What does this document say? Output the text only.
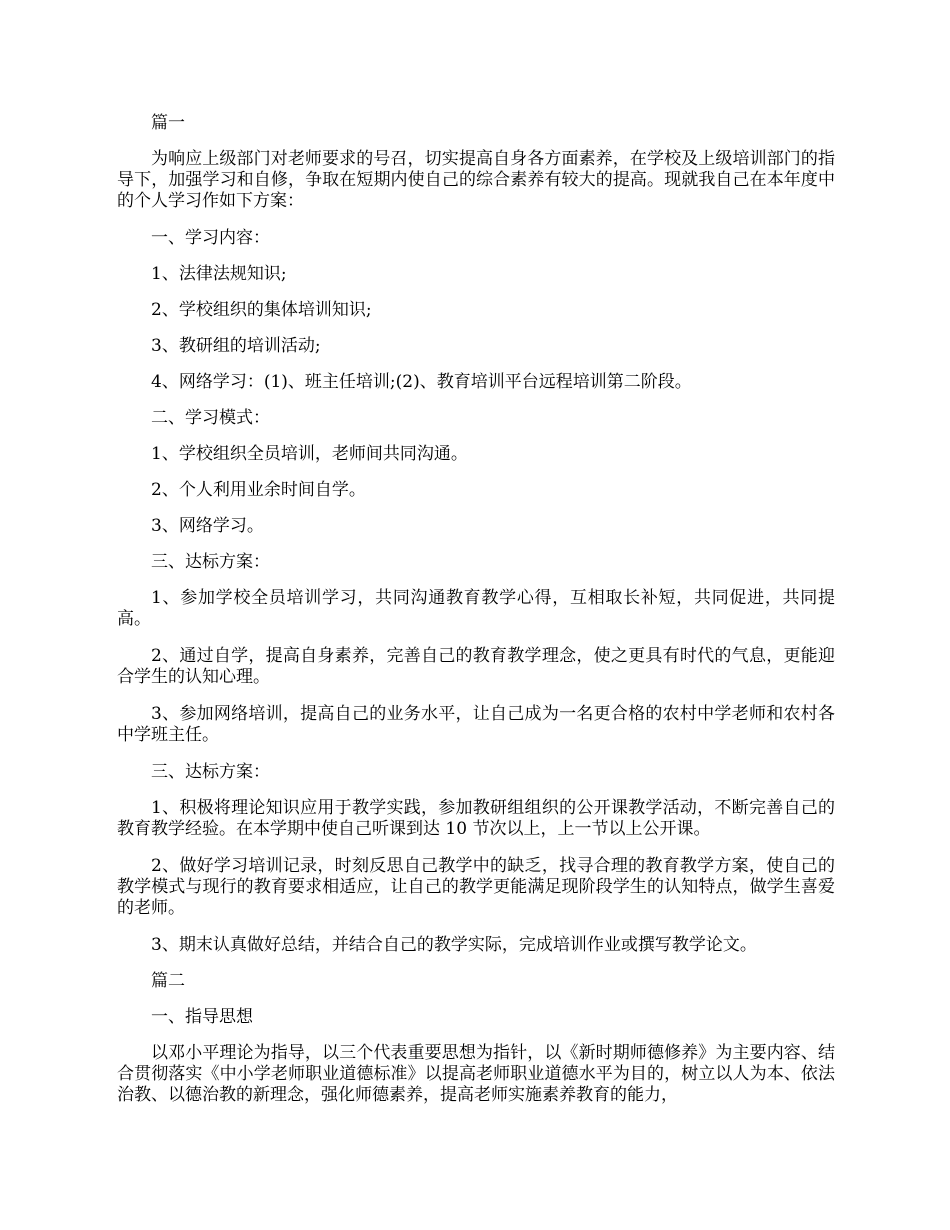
篇一

为响应上级部门对老师要求的号召，切实提高自身各方面素养，在学校及上级培训部门的指导下，加强学习和自修，争取在短期内使自己的综合素养有较大的提高。现就我自己在本年度中的个人学习作如下方案：

一、学习内容：

1、法律法规知识;

2、学校组织的集体培训知识;

3、教研组的培训活动;

4、网络学习：(1)、班主任培训;(2)、教育培训平台远程培训第二阶段。

二、学习模式：

1、学校组织全员培训，老师间共同沟通。

2、个人利用业余时间自学。

3、网络学习。

三、达标方案：

1、参加学校全员培训学习，共同沟通教育教学心得，互相取长补短，共同促进，共同提高。

2、通过自学，提高自身素养，完善自己的教育教学理念，使之更具有时代的气息，更能迎合学生的认知心理。

3、参加网络培训，提高自己的业务水平，让自己成为一名更合格的农村中学老师和农村各中学班主任。

三、达标方案：

1、积极将理论知识应用于教学实践，参加教研组组织的公开课教学活动，不断完善自己的教育教学经验。在本学期中使自己听课到达 10 节次以上，上一节以上公开课。

2、做好学习培训记录，时刻反思自己教学中的缺乏，找寻合理的教育教学方案，使自己的教学模式与现行的教育要求相适应，让自己的教学更能满足现阶段学生的认知特点，做学生喜爱的老师。

3、期末认真做好总结，并结合自己的教学实际，完成培训作业或撰写教学论文。

篇二

一、指导思想

以邓小平理论为指导，以三个代表重要思想为指针，以《新时期师德修养》为主要内容、结合贯彻落实《中小学老师职业道德标准》以提高老师职业道德水平为目的，树立以人为本、依法治教、以德治教的新理念，强化师德素养，提高老师实施素养教育的能力，
